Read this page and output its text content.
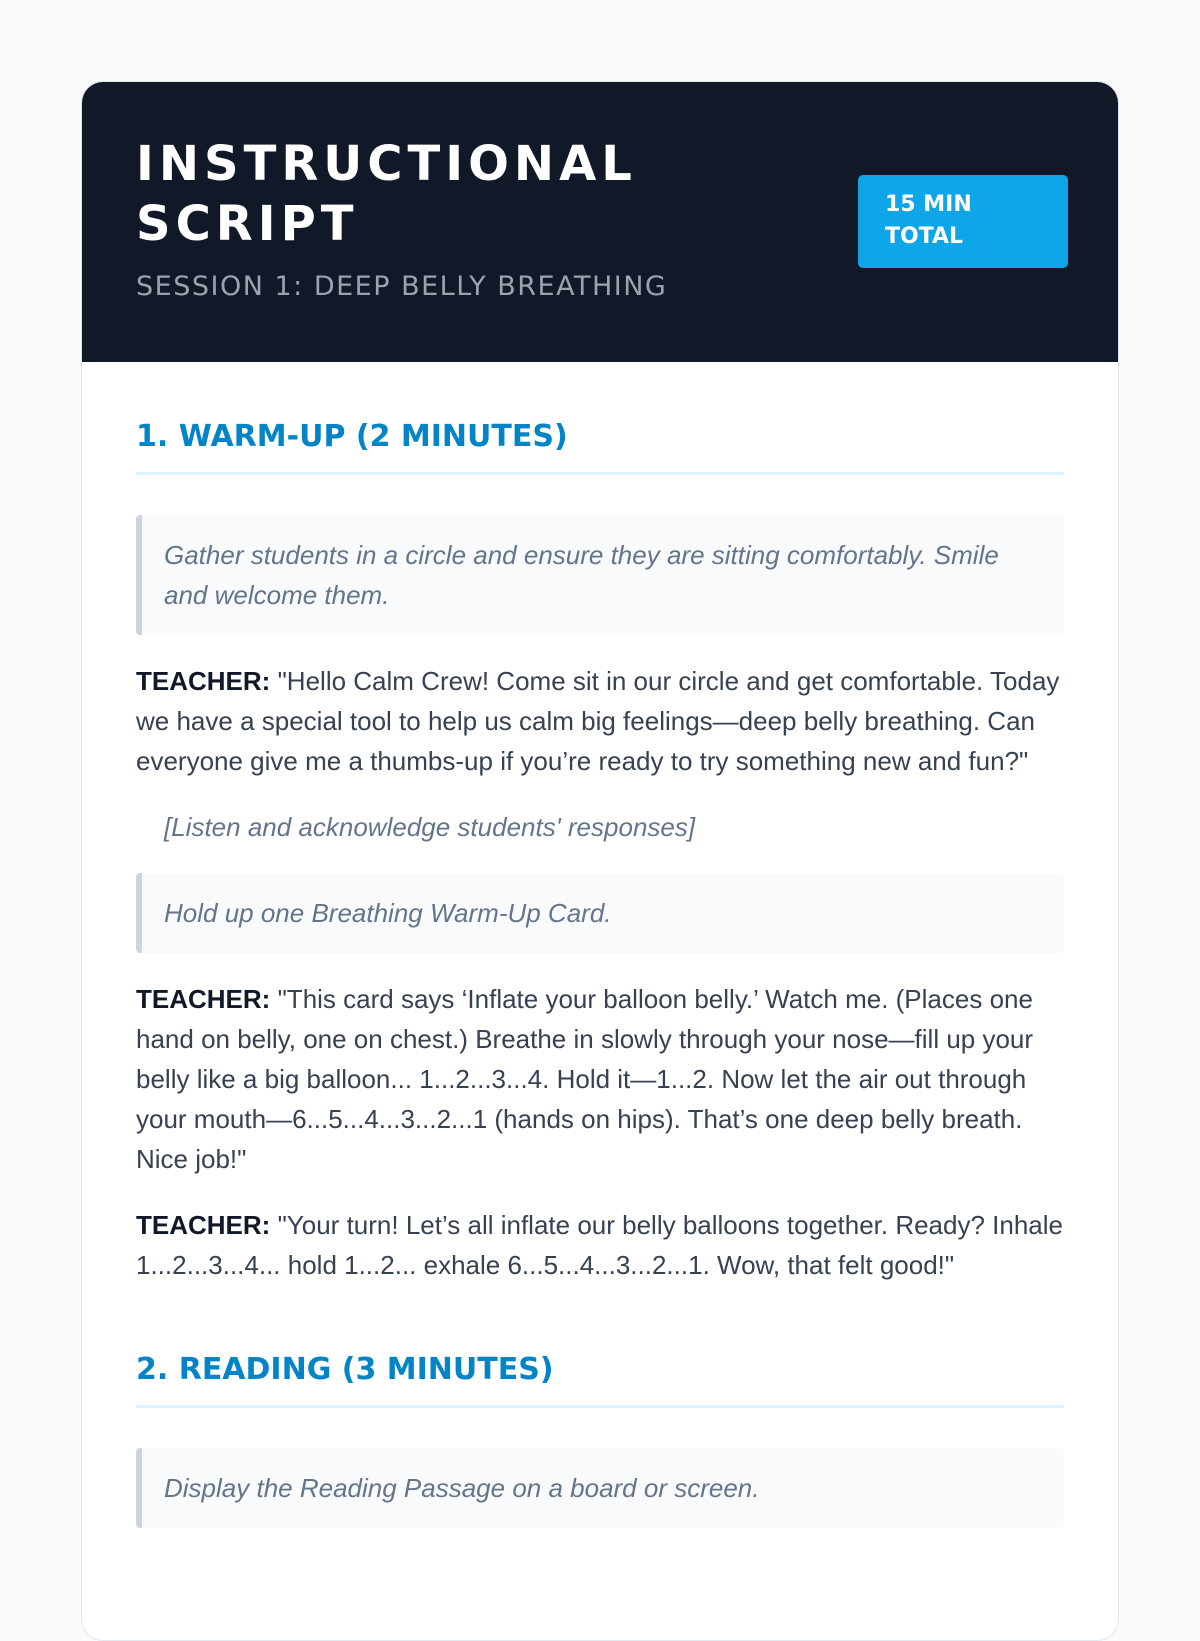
INSTRUCTIONAL SCRIPT
SESSION 1: DEEP BELLY BREATHING
15 MIN TOTAL
1. WARM-UP (2 MINUTES)
Gather students in a circle and ensure they are sitting comfortably. Smile and welcome them.

TEACHER: "Hello Calm Crew! Come sit in our circle and get comfortable. Today we have a special tool to help us calm big feelings—deep belly breathing. Can everyone give me a thumbs-up if you’re ready to try something new and fun?"

[Listen and acknowledge students' responses]
Hold up one Breathing Warm-Up Card.

TEACHER: "This card says ‘Inflate your balloon belly.’ Watch me. (Places one hand on belly, one on chest.) Breathe in slowly through your nose—fill up your belly like a big balloon... 1...2...3...4. Hold it—1...2. Now let the air out through your mouth—6...5...4...3...2...1 (hands on hips). That’s one deep belly breath. Nice job!"

TEACHER: "Your turn! Let’s all inflate our belly balloons together. Ready? Inhale 1...2...3...4... hold 1...2... exhale 6...5...4...3...2...1. Wow, that felt good!"

2. READING (3 MINUTES)
Display the Reading Passage on a board or screen.
